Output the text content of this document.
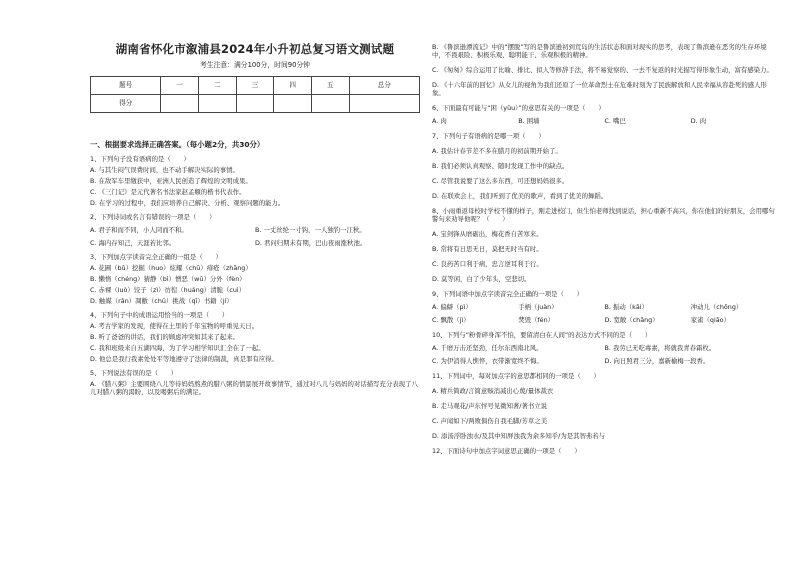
湖南省怀化市溆浦县2024年小升初总复习语文测试题
考生注意：满分100分，时间90分钟
题号	一	二	三	四	五	总分
得分						
一、根据要求选择正确答案。（每小题2分，共30分）
1、下列句子没有语病的是（　　）
A. 与其生闷气误费时间，也不动手解决实际的事情。
B. 在敌军车里缴获中，亚洲人民创造了辉煌的文明成果。
C. 《三门记》是元代著名书法家赵孟頫的楷书代表作。
D. 在学习的过程中，我们应培养自己解决、分析、观察问题的能力。
2、下列诗词或名言有错误的一项是（　　）
A. 君子和而不同，小人同而不和。	B. 一丈丝纶一寸钩，一人独钓一江秋。
C. 海内存知己，天涯若比邻。	D. 君问归期未有期，巴山夜雨涨秋池。
3、下列加点字读音完全正确的一组是（　　）
A. 花圃（bǔ）挖掘（huo）炫耀（chū）痱疮（zhāng）
B. 懒惰（chéng）猜静（bì）憎恶（wū）分外（fèn）
C. 赤裸（luò）饺子（zì）彷徨（huáng）清脆（cuì）
D. 触媒（rǎn）凋敝（chū）挑战（qī）书籍（jí）
4、下列句子中的成语运用恰当的一项是（　　）
A. 考古学家的发现，使得在土里的千年宝物的呼重见天日。
B. 听了爸爸的讲话，我们的顾虑冲突如其来了起来。
C. 我和班级来自五湖四海，为了学习相学知识汇全在了一起。
D. 他总是我行我素处处平等地遵守了法律的制裁，真是罪有应得。
5、下列说法有误的是（　　）
A. 《腊八粥》主要围绕八儿等待妈妈熬煮的腊八粥的情景展开故事情节，通过对八儿与妈妈的对话描写充分表现了八儿对腊八粥的渴盼，以及喝粥后的满足。
B. 《鲁滨逊漂流记》中的“摆脱”写的是鲁滨逊初到荒岛的生活状态和面对现实的思考，表现了鲁滨逊在恶劣的生存环境中，不畏艰险、积极乐观、聪明能干、乐观积极的精神。
C. 《匆匆》综合运用了比喻、排比、拟人等修辞手法，将不易觉察的、一去不复返的时光描写得形象生动，富有感染力。
D. 《十六年前的回忆》从女儿的视角为我们还原了一位革命烈士在危难时刻为了民族解放和人民幸福从容赴死的感人形象。
6、下面最有可能与“困（yǔu）”的意思有关的一项是（　　）
A. 肉	B. 围墙	C. 嘴巴	D. 肉
7、下列句子有语病的是哪一项（　　）
A. 我估计春节差不多在腊月的初前期开始了。
B. 我们必须认真观察、随时发现工作中的缺点。
C. 尽管我说要了这么多东西，可还想妈妈很多。
D. 在联欢会上，我们听到了优美的歌声，看到了优美的舞蹈。
8、小雨重返母校时学校不懂的样子，刚走进校门，但生怕老师找到说话，担心重新不高兴，你在他们的好朋友，会用哪句警句来劝导他呢？（　　）
A. 宝剑锋从磨砺出，梅花香自苦寒来。
B. 常将有日思无日，莫把无时当有时。
C. 良药苦口利于病，忠言逆耳利于行。
D. 莫等闲，白了少年头，空悲切。
9、下列词语中加点字读音完全正确的一项是（　　）
A. 偏僻（pì）	手柄（juàn）	B. 振动（kāi）	冲动儿（chōng）
C. 飘散（jì）	焚毁（fén）	D. 宽敞（chǎng）	家雀（qiāo）
10、下列与“粉骨碎身浑不怕，要留清白在人间”的表达方式不同的是（　　）
A. 千磨万击还坚劲，任尔东西南北风。	B. 我劳已无吃毒素，将就我青春霜枚。
C. 为伊消得人憔悴，衣带渐宽终不悔。	D. 向日照君三分，嘉新榆梅一段香。
11、下列词中，每对加点字的意思都相同的一项是（　　）
A. 精兵简政/言简意赅消减出心蔑/量体裁衣
B. 走马观花/声东怦号见微知著/著书立说
C. 声闻如下/两败俱伤自我毛脚/芳草之美
D. 添汤浮卧浊水/及其中知屏浊我为余多知乎/为是其智弗若与
12、下面诗句中加点字词意思正确的一项是（　　）
